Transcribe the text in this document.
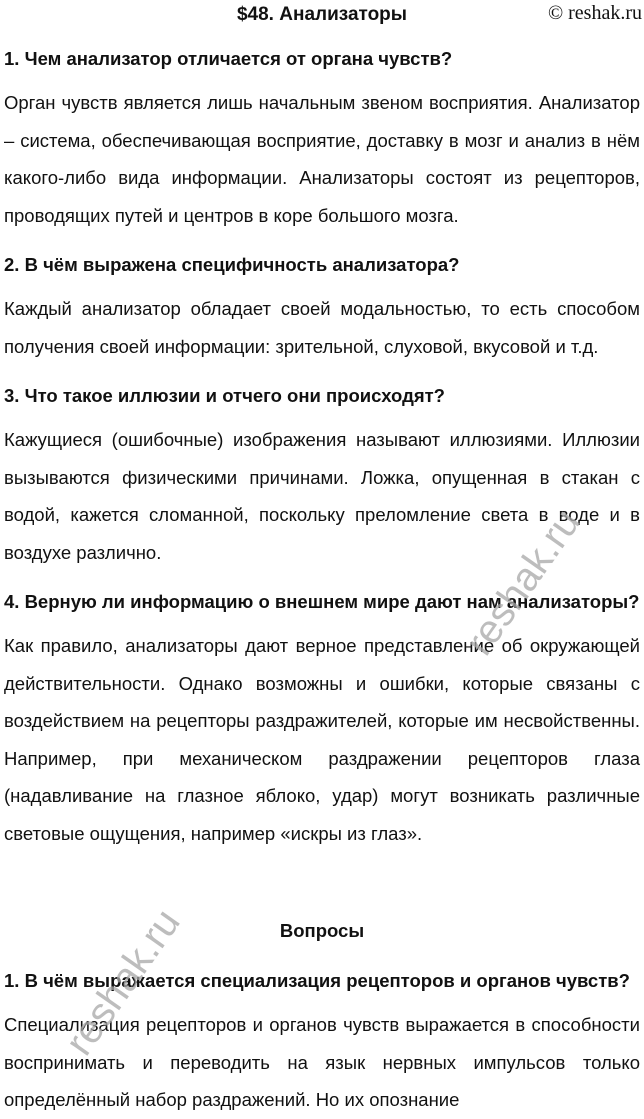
$48. Анализаторы	© reshak.ru
1. Чем анализатор отличается от органа чувств?

Орган чувств является лишь начальным звеном восприятия. Анализатор – система, обеспечивающая восприятие, доставку в мозг и анализ в нём какого-либо вида информации. Анализаторы состоят из рецепторов, проводящих путей и центров в коре большого мозга.

2. В чём выражена специфичность анализатора?

Каждый анализатор обладает своей модальностью, то есть способом получения своей информации: зрительной, слуховой, вкусовой и т.д.

3. Что такое иллюзии и отчего они происходят?

Кажущиеся (ошибочные) изображения называют иллюзиями. Иллюзии вызываются физическими причинами. Ложка, опущенная в стакан с водой, кажется сломанной, поскольку преломление света в воде и в воздухе различно.

4. Верную ли информацию о внешнем мире дают нам анализаторы?

Как правило, анализаторы дают верное представление об окружающей действительности. Однако возможны и ошибки, которые связаны с воздействием на рецепторы раздражителей, которые им несвойственны. Например, при механическом раздражении рецепторов глаза (надавливание на глазное яблоко, удар) могут возникать различные световые ощущения, например «искры из глаз».

Вопросы
1. В чём выражается специализация рецепторов и органов чувств?

Специализация рецепторов и органов чувств выражается в способности воспринимать и переводить на язык нервных импульсов только определённый набор раздражений. Но их опознание

reshak.ru
reshak.ru
